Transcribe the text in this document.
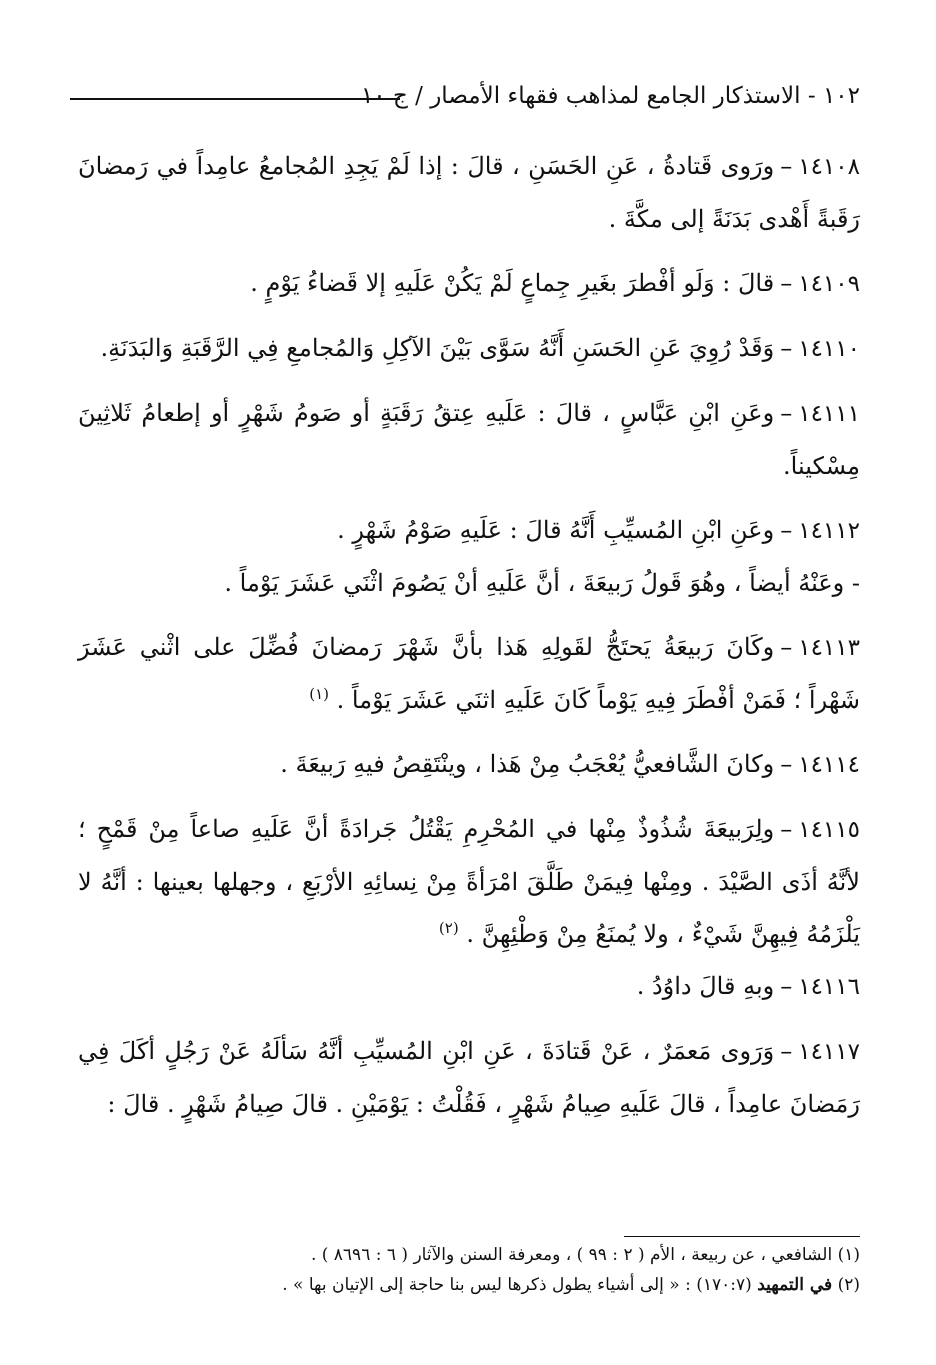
١٠٢ - الاستذكار الجامع لمذاهب فقهاء الأمصار / ج ١٠

١٤١٠٨–ورَوى قَتادةُ ، عَنِ الحَسَنِ ، قالَ : إذا لَمْ يَجِدِ المُجامعُ عامِداً في رَمضانَ رَقَبةً أَهْدى بَدَنَةً إلى مكَّةَ .

١٤١٠٩–قالَ : وَلَو أفْطرَ بغَيرِ جِماعٍ لَمْ يَكُنْ عَلَيهِ إلا قَضاءُ يَوْمٍ .

١٤١١٠–وَقَدْ رُوِيَ عَنِ الحَسَنِ أَنَّهُ سَوَّى بَيْنَ الآكِلِ وَالمُجامعِ فِي الرَّقَبَةِ وَالبَدَنَةِ.

١٤١١١–وعَنِ ابْنِ عَبَّاسٍ ، قالَ : عَلَيهِ عِتقُ رَقَبَةٍ أو صَومُ شَهْرٍ أو إطعامُ ثَلاثِينَ مِسْكيناً.

١٤١١٢–وعَنِ ابْنِ المُسيِّبِ أَنَّهُ قالَ : عَلَيهِ صَوْمُ شَهْرٍ .

- وعَنْهُ أيضاً ، وهُوَ قَولُ رَبيعَةَ ، أنَّ عَلَيهِ أنْ يَصُومَ اثْنَي عَشَرَ يَوْماً .

١٤١١٣–وكَانَ رَبيعَةُ يَحتَجُّ لقَولِهِ هَذا بأنَّ شَهْرَ رَمضانَ فُضِّلَ على اثْني عَشَرَ شَهْراً ؛ فَمَنْ أفْطَرَ فِيهِ يَوْماً كَانَ عَلَيهِ اثنَي عَشَرَ يَوْماً . $^{(١)}$

١٤١١٤–وكانَ الشَّافعيُّ يُعْجَبُ مِنْ هَذا ، وينْتَقِصُ فيهِ رَبيعَةَ .

١٤١١٥–ولِرَبيعَةَ شُذُوذٌ مِنْها في المُحْرِمِ يَقْتُلُ جَرادَةً أنَّ عَلَيهِ صاعاً مِنْ قَمْحٍ ؛ لأنَّهُ أذَى الصَّيْدَ . ومِنْها فِيمَنْ طَلَّقَ امْرَأةً مِنْ نِسائِهِ الأرْبَعِ ، وجهلها بعينها : أنَّهُ لا يَلْزَمُهُ فِيهِنَّ شَيْءٌ ، ولا يُمنَعُ مِنْ وَطْئِهِنَّ . $^{(٢)}$

١٤١١٦–وبهِ قالَ داوُدُ .

١٤١١٧–وَرَوى مَعمَرٌ ، عَنْ قَتادَةَ ، عَنِ ابْنِ المُسيِّبِ أنَّهُ سَألَهُ عَنْ رَجُلٍ أكَلَ فِي رَمَضانَ عامِداً ، قالَ عَلَيهِ صِيامُ شَهْرٍ ، فَقُلْتُ : يَوْمَيْنِ . قالَ صِيامُ شَهْرٍ . قالَ :

(١) الشافعي ، عن ربيعة ، الأم ( ٢ : ٩٩ ) ، ومعرفة السنن والآثار ( ٦ : ٨٦٩٦ ) .

(٢) في التمهيد (١٧٠:٧) : « إلى أشياء يطول ذكرها ليس بنا حاجة إلى الإتيان بها » .
